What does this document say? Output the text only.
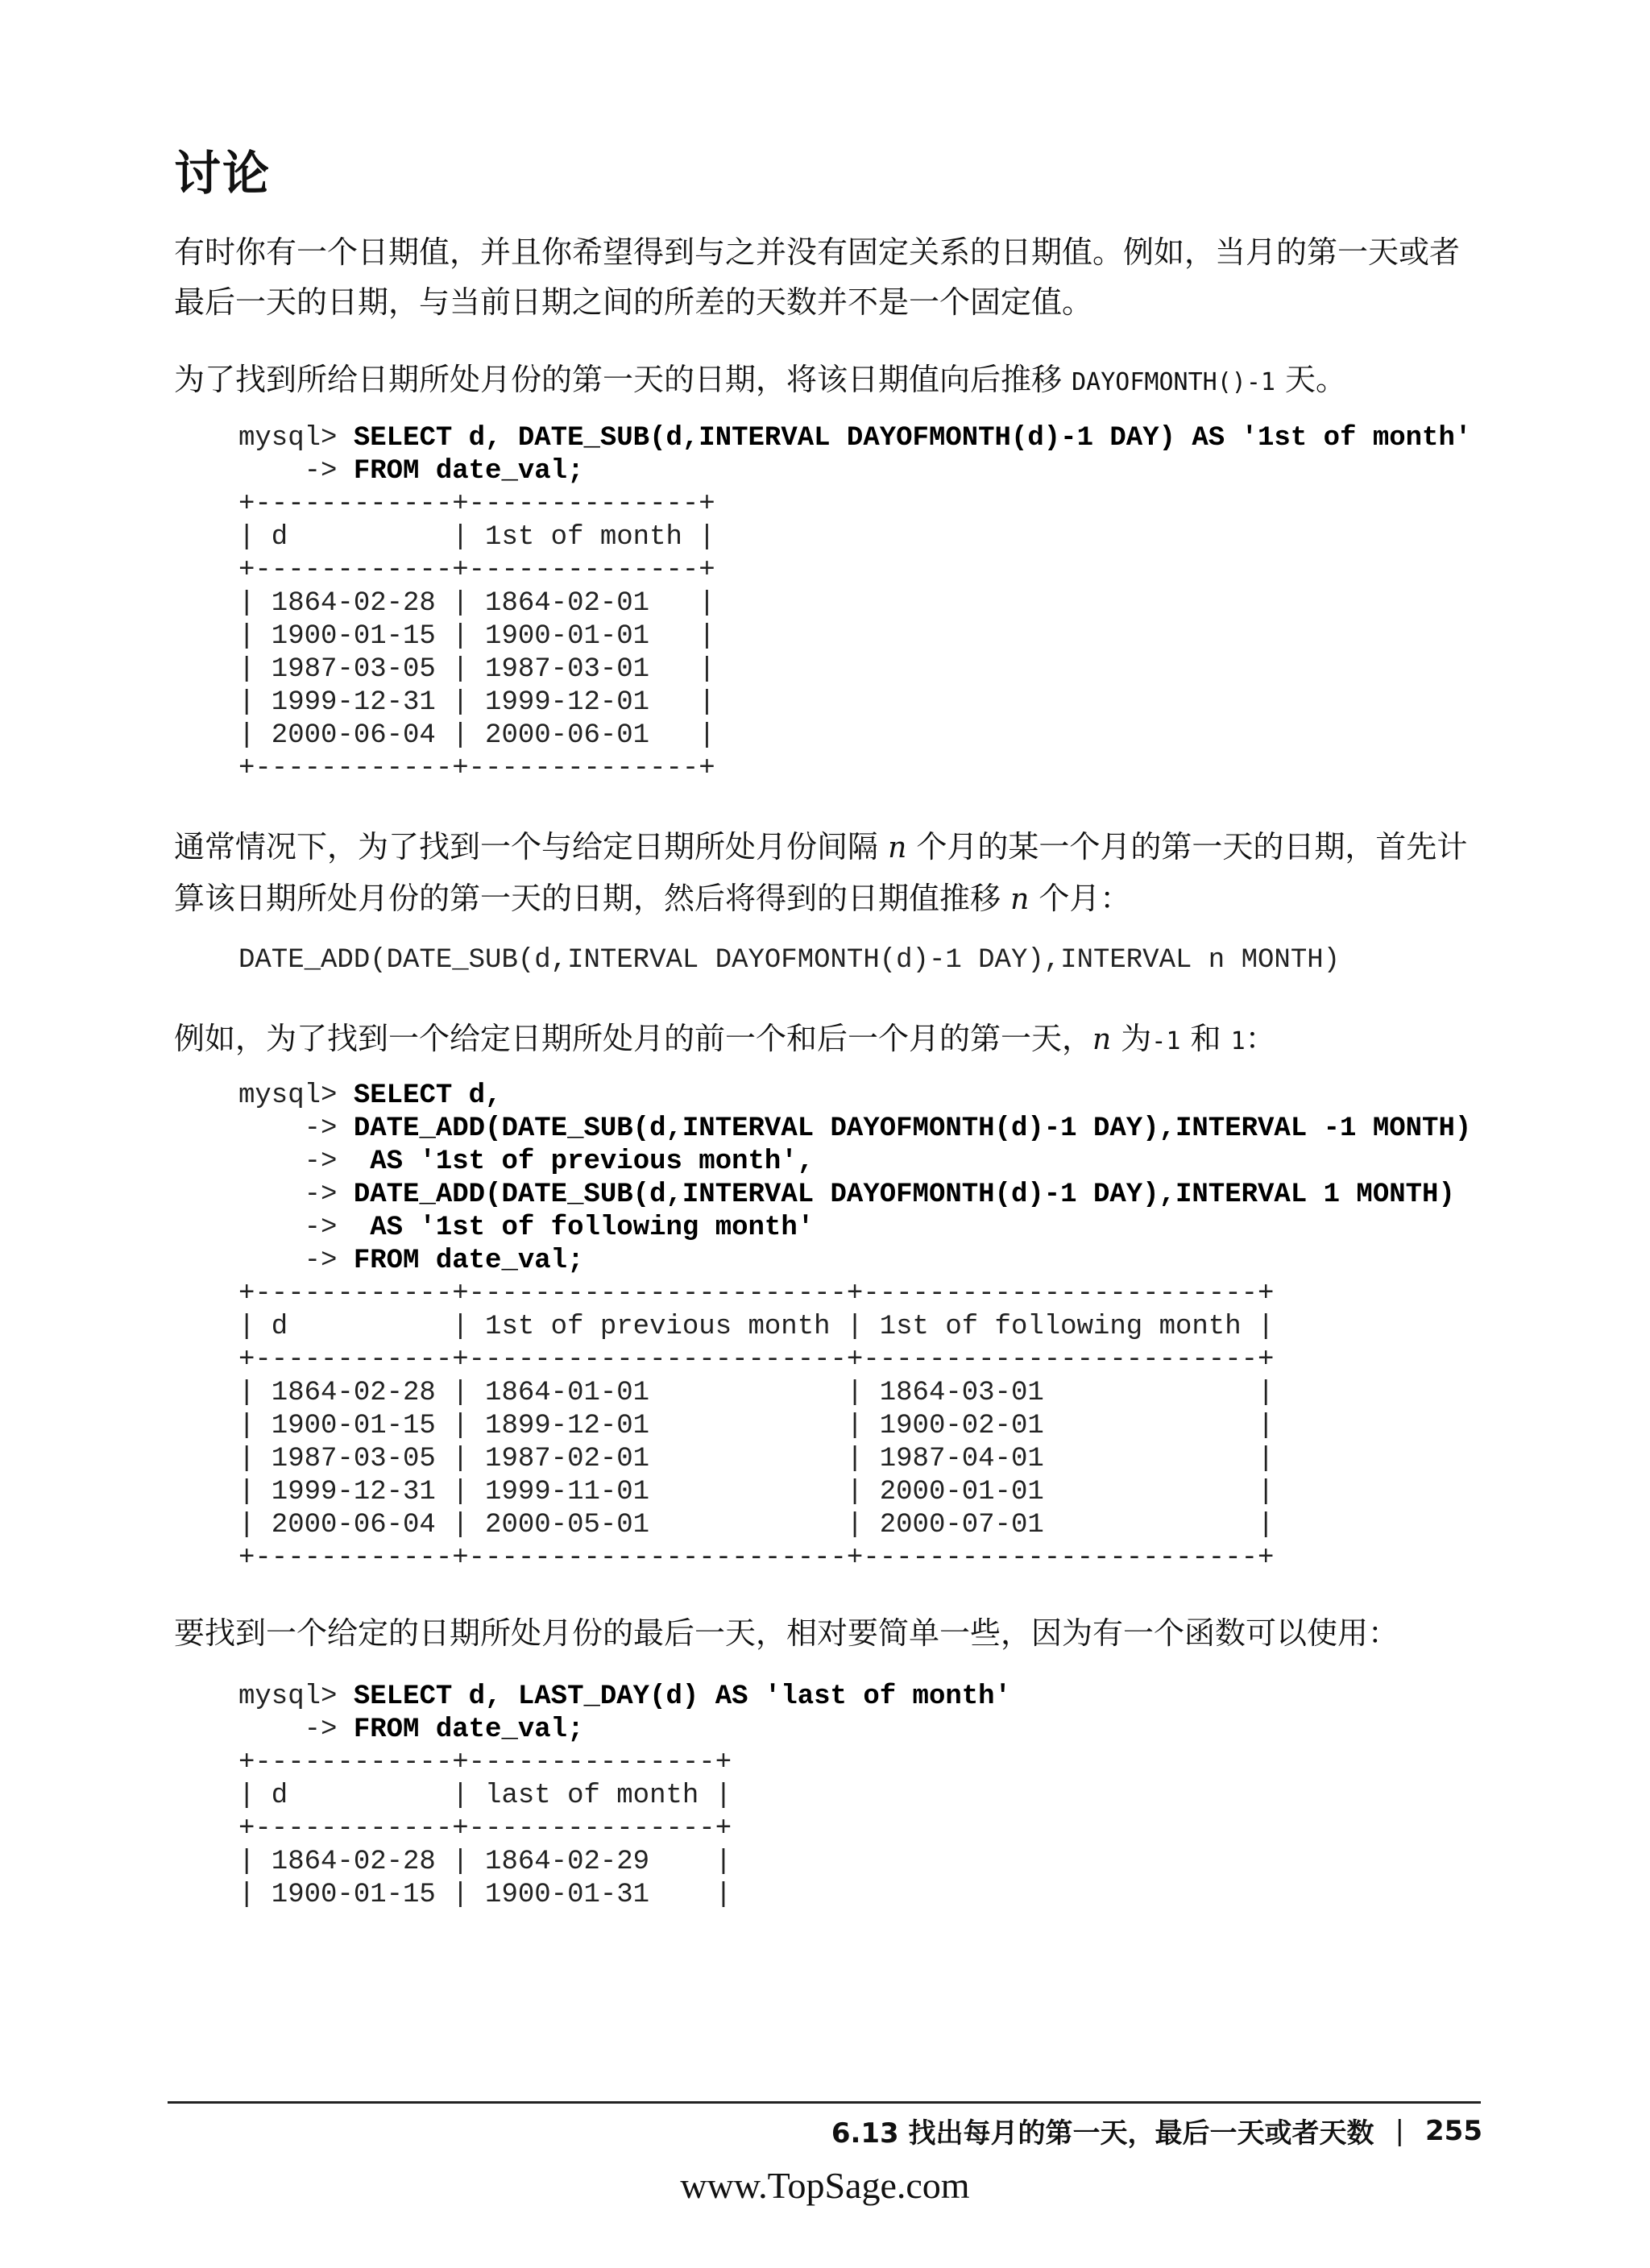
讨论

有时你有一个日期值，并且你希望得到与之并没有固定关系的日期值。例如，当月的第一天或者最后一天的日期，与当前日期之间的所差的天数并不是一个固定值。

为了找到所给日期所处月份的第一天的日期，将该日期值向后推移 DAYOFMONTH()-1 天。

mysql> SELECT d, DATE_SUB(d,INTERVAL DAYOFMONTH(d)-1 DAY) AS '1st of month'
-> FROM date_val;
+------------+--------------+
| d          | 1st of month |
+------------+--------------+
| 1864-02-28 | 1864-02-01   |
| 1900-01-15 | 1900-01-01   |
| 1987-03-05 | 1987-03-01   |
| 1999-12-31 | 1999-12-01   |
| 2000-06-04 | 2000-06-01   |
+------------+--------------+

通常情况下，为了找到一个与给定日期所处月份间隔 n 个月的某一个月的第一天的日期，首先计算该日期所处月份的第一天的日期，然后将得到的日期值推移 n 个月：

DATE_ADD(DATE_SUB(d,INTERVAL DAYOFMONTH(d)-1 DAY),INTERVAL n MONTH)

例如，为了找到一个给定日期所处月的前一个和后一个月的第一天，n 为-1 和 1：

mysql> SELECT d,
-> DATE_ADD(DATE_SUB(d,INTERVAL DAYOFMONTH(d)-1 DAY),INTERVAL -1 MONTH)
->  AS '1st of previous month',
-> DATE_ADD(DATE_SUB(d,INTERVAL DAYOFMONTH(d)-1 DAY),INTERVAL 1 MONTH)
->  AS '1st of following month'
-> FROM date_val;
+------------+-----------------------+------------------------+
| d          | 1st of previous month | 1st of following month |
+------------+-----------------------+------------------------+
| 1864-02-28 | 1864-01-01            | 1864-03-01             |
| 1900-01-15 | 1899-12-01            | 1900-02-01             |
| 1987-03-05 | 1987-02-01            | 1987-04-01             |
| 1999-12-31 | 1999-11-01            | 2000-01-01             |
| 2000-06-04 | 2000-05-01            | 2000-07-01             |
+------------+-----------------------+------------------------+

要找到一个给定的日期所处月份的最后一天，相对要简单一些，因为有一个函数可以使用：

mysql> SELECT d, LAST_DAY(d) AS 'last of month'
-> FROM date_val;
+------------+---------------+
| d          | last of month |
+------------+---------------+
| 1864-02-28 | 1864-02-29    |
| 1900-01-15 | 1900-01-31    |
6.13 找出每月的第一天，最后一天或者天数 | 255
www.TopSage.com
